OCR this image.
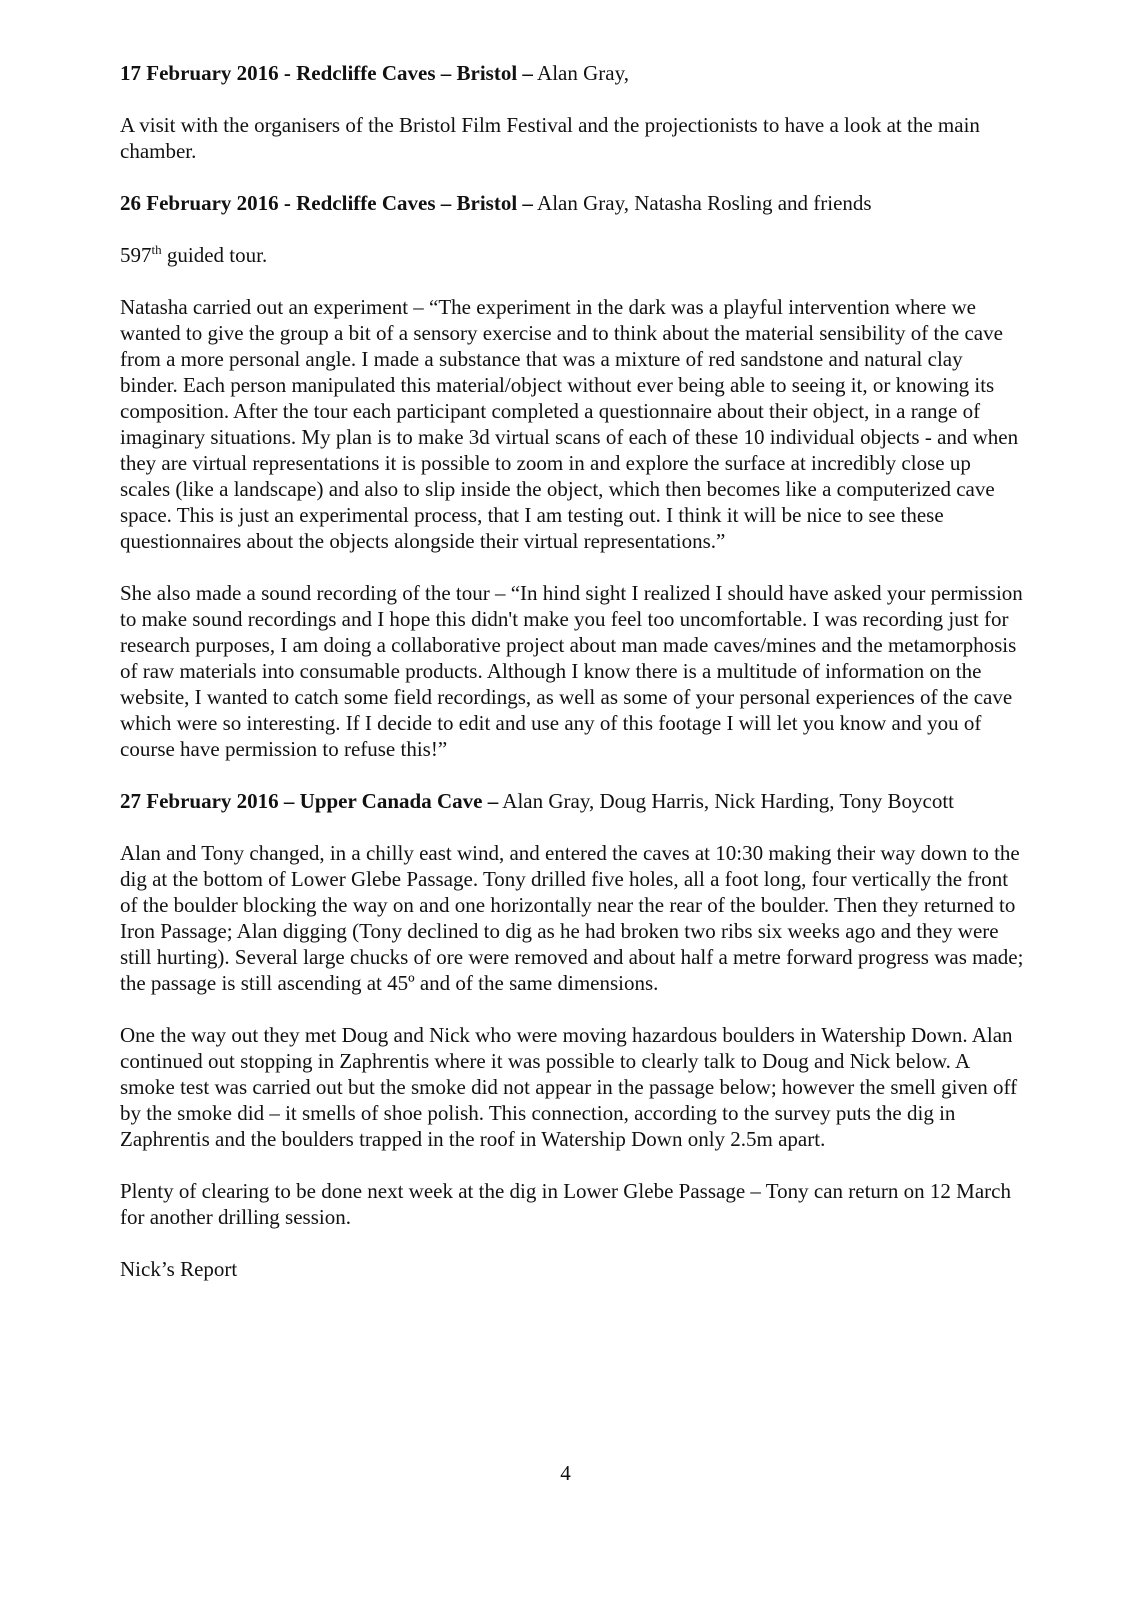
17 February 2016 - Redcliffe Caves – Bristol – Alan Gray,

A visit with the organisers of the Bristol Film Festival and the projectionists to have a look at the main chamber.

26 February 2016 - Redcliffe Caves – Bristol – Alan Gray, Natasha Rosling and friends

597th guided tour.

Natasha carried out an experiment – “The experiment in the dark was a playful intervention where we wanted to give the group a bit of a sensory exercise and to think about the material sensibility of the cave from a more personal angle. I made a substance that was a mixture of red sandstone and natural clay binder. Each person manipulated this material/object without ever being able to seeing it, or knowing its composition. After the tour each participant completed a questionnaire about their object, in a range of imaginary situations. My plan is to make 3d virtual scans of each of these 10 individual objects - and when they are virtual representations it is possible to zoom in and explore the surface at incredibly close up scales (like a landscape) and also to slip inside the object, which then becomes like a computerized cave space. This is just an experimental process, that I am testing out. I think it will be nice to see these questionnaires about the objects alongside their virtual representations.”

She also made a sound recording of the tour – “In hind sight I realized I should have asked your permission to make sound recordings and I hope this didn't make you feel too uncomfortable. I was recording just for research purposes, I am doing a collaborative project about man made caves/mines and the metamorphosis of raw materials into consumable products. Although I know there is a multitude of information on the website, I wanted to catch some field recordings, as well as some of your personal experiences of the cave which were so interesting. If I decide to edit and use any of this footage I will let you know and you of course have permission to refuse this!”

27 February 2016 – Upper Canada Cave – Alan Gray, Doug Harris, Nick Harding, Tony Boycott

Alan and Tony changed, in a chilly east wind, and entered the caves at 10:30 making their way down to the dig at the bottom of Lower Glebe Passage. Tony drilled five holes, all a foot long, four vertically the front of the boulder blocking the way on and one horizontally near the rear of the boulder. Then they returned to Iron Passage; Alan digging (Tony declined to dig as he had broken two ribs six weeks ago and they were still hurting). Several large chucks of ore were removed and about half a metre forward progress was made; the passage is still ascending at 45º and of the same dimensions.

One the way out they met Doug and Nick who were moving hazardous boulders in Watership Down. Alan continued out stopping in Zaphrentis where it was possible to clearly talk to Doug and Nick below. A smoke test was carried out but the smoke did not appear in the passage below; however the smell given off by the smoke did – it smells of shoe polish. This connection, according to the survey puts the dig in Zaphrentis and the boulders trapped in the roof in Watership Down only 2.5m apart.

Plenty of clearing to be done next week at the dig in Lower Glebe Passage – Tony can return on 12 March for another drilling session.

Nick’s Report

4
